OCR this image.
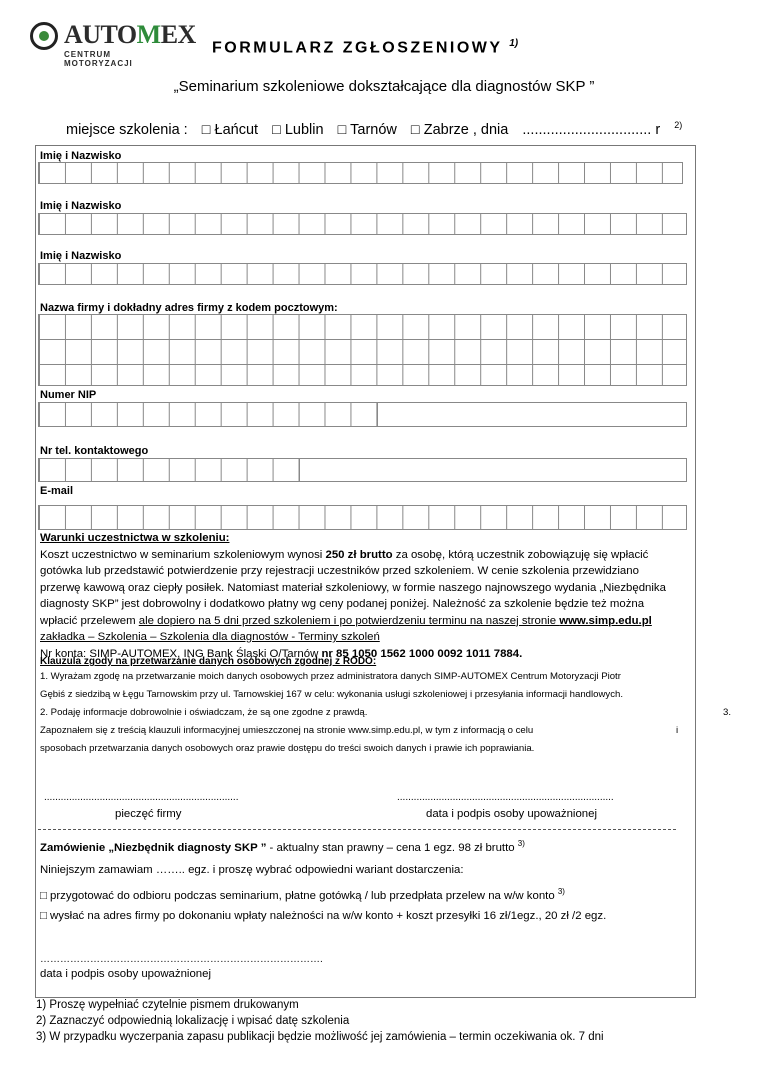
AUTOMEX
CENTRUM MOTORYZACJI
FORMULARZ ZGŁOSZENIOWY $^{1)}$
„Seminarium szkoleniowe dokształcające dla diagnostów SKP ”
miejsce szkolenia : □ Łańcut □ Lublin □ Tarnów □ Zabrze , dnia ................................ r $^{2)}$
Imię i Nazwisko
Imię i Nazwisko
Imię i Nazwisko
Nazwa firmy i dokładny adres firmy z kodem pocztowym:
Numer NIP
Nr tel. kontaktowego
E-mail
Warunki uczestnictwa w szkoleniu:
Koszt uczestnictwo w seminarium szkoleniowym wynosi 250 zł brutto za osobę, którą uczestnik zobowiązuję się wpłacić
gotówka lub przedstawić potwierdzenie przy rejestracji uczestników przed szkoleniem. W cenie szkolenia przewidziano
przerwę kawową oraz ciepły posiłek. Natomiast materiał szkoleniowy, w formie naszego najnowszego wydania „Niezbędnika
diagnosty SKP” jest dobrowolny i dodatkowo płatny wg ceny podanej poniżej. Należność za szkolenie będzie też można
wpłacić przelewem ale dopiero na 5 dni przed szkoleniem i po potwierdzeniu terminu na naszej stronie www.simp.edu.pl
zakładka – Szkolenia – Szkolenia dla diagnostów - Terminy szkoleń
Nr konta: SIMP-AUTOMEX, ING Bank Śląski O/Tarnów nr 85 1050 1562 1000 0092 1011 7884.
Klauzula zgody na przetwarzanie danych osobowych zgodnej z RODO:
1. Wyrażam zgodę na przetwarzanie moich danych osobowych przez administratora danych SIMP-AUTOMEX Centrum Motoryzacji Piotr
Gębiś z siedzibą w Łęgu Tarnowskim przy ul. Tarnowskiej 167 w celu: wykonania usługi szkoleniowej i przesyłania informacji handlowych.
2. Podaję informacje dobrowolnie i oświadczam, że są one zgodne z prawdą.	3.
Zapoznałem się z treścią klauzuli informacyjnej umieszczonej na stronie www.simp.edu.pl, w tym z informacją o celu	i
sposobach przetwarzania danych osobowych oraz prawie dostępu do treści swoich danych i prawie ich poprawiania.
......................................................................	..............................................................................
pieczęć firmy	data i podpis osoby upoważnionej
Zamówienie „Niezbędnik diagnosty SKP ” - aktualny stan prawny – cena 1 egz. 98 zł brutto $^{3)}$
Niniejszym zamawiam …….. egz. i proszę wybrać odpowiedni wariant dostarczenia:
□ przygotować do odbioru podczas seminarium, płatne gotówką / lub przedpłata przelew na w/w konto $^{3)}$
□ wysłać na adres firmy po dokonaniu wpłaty należności na w/w konto + koszt przesyłki 16 zł/1egz., 20 zł /2 egz.
………………………………………………………………………….
data i podpis osoby upoważnionej
1) Proszę wypełniać czytelnie pismem drukowanym
2) Zaznaczyć odpowiednią lokalizację i wpisać datę szkolenia
3) W przypadku wyczerpania zapasu publikacji będzie możliwość jej zamówienia – termin oczekiwania ok. 7 dni
